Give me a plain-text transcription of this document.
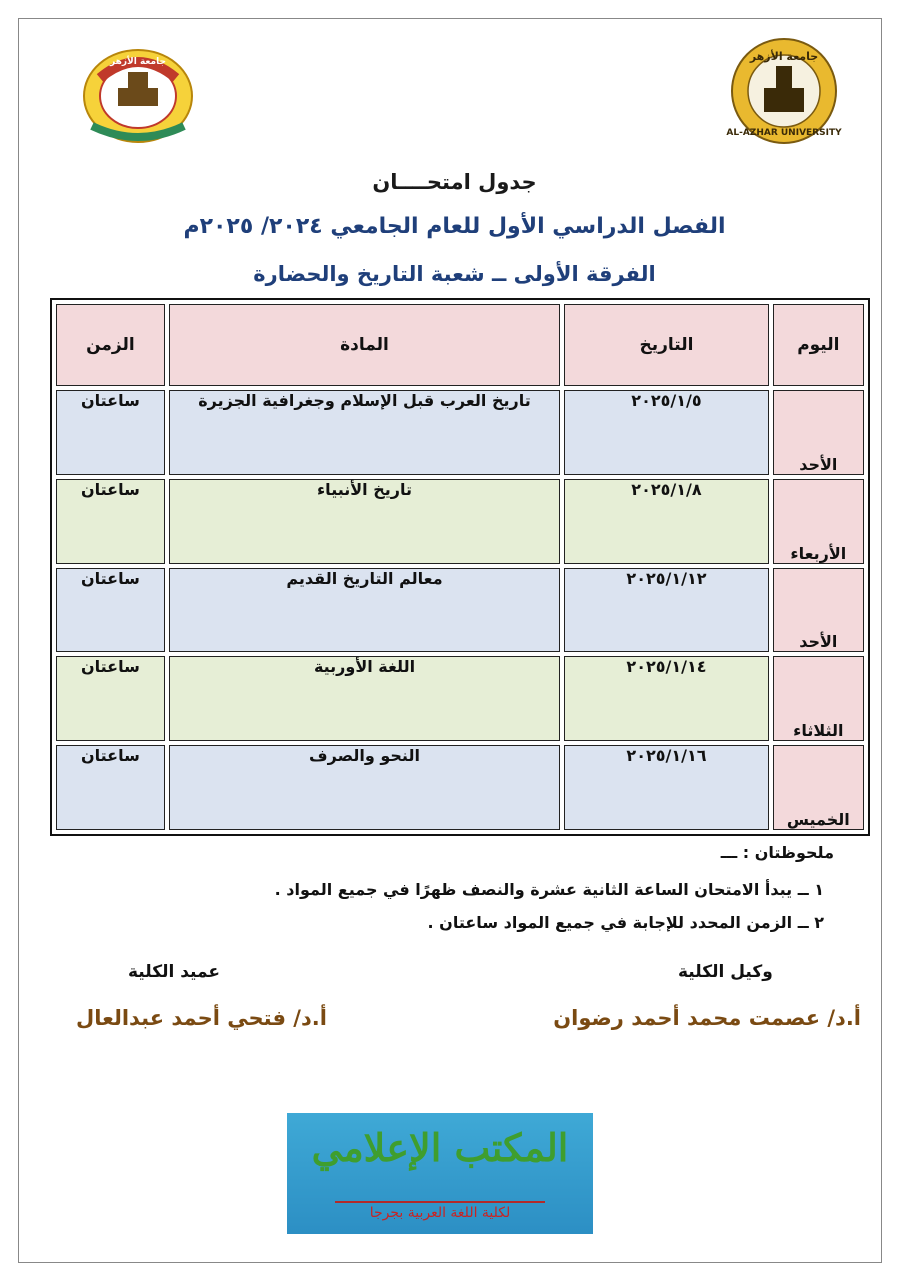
جامعة الأزهر	جامعة الأزهر
AL-AZHAR UNIVERSITY
جدول امتحــــان
الفصل الدراسي الأول للعام الجامعي ٢٠٢٤/ ٢٠٢٥م
الفرقة الأولى ــ شعبة التاريخ والحضارة
اليوم	التاريخ	المادة	الزمن
الأحد	٢٠٢٥/١/٥	تاريخ العرب قبل الإسلام وجغرافية الجزيرة	ساعتان
الأربعاء	٢٠٢٥/١/٨	تاريخ الأنبياء	ساعتان
الأحد	٢٠٢٥/١/١٢	معالم التاريخ القديم	ساعتان
الثلاثاء	٢٠٢٥/١/١٤	اللغة الأوربية	ساعتان
الخميس	٢٠٢٥/١/١٦	النحو والصرف	ساعتان
ملحوظتان : ـــ
١ ــ يبدأ الامتحان الساعة الثانية عشرة والنصف ظهرًا في جميع المواد .
٢ ــ الزمن المحدد للإجابة في جميع المواد ساعتان .
وكيل الكلية
أ.د/ عصمت محمد أحمد رضوان
عميد الكلية
أ.د/ فتحي أحمد عبدالعال
المكتب الإعلامي
لكلية اللغة العربية بجرجا
